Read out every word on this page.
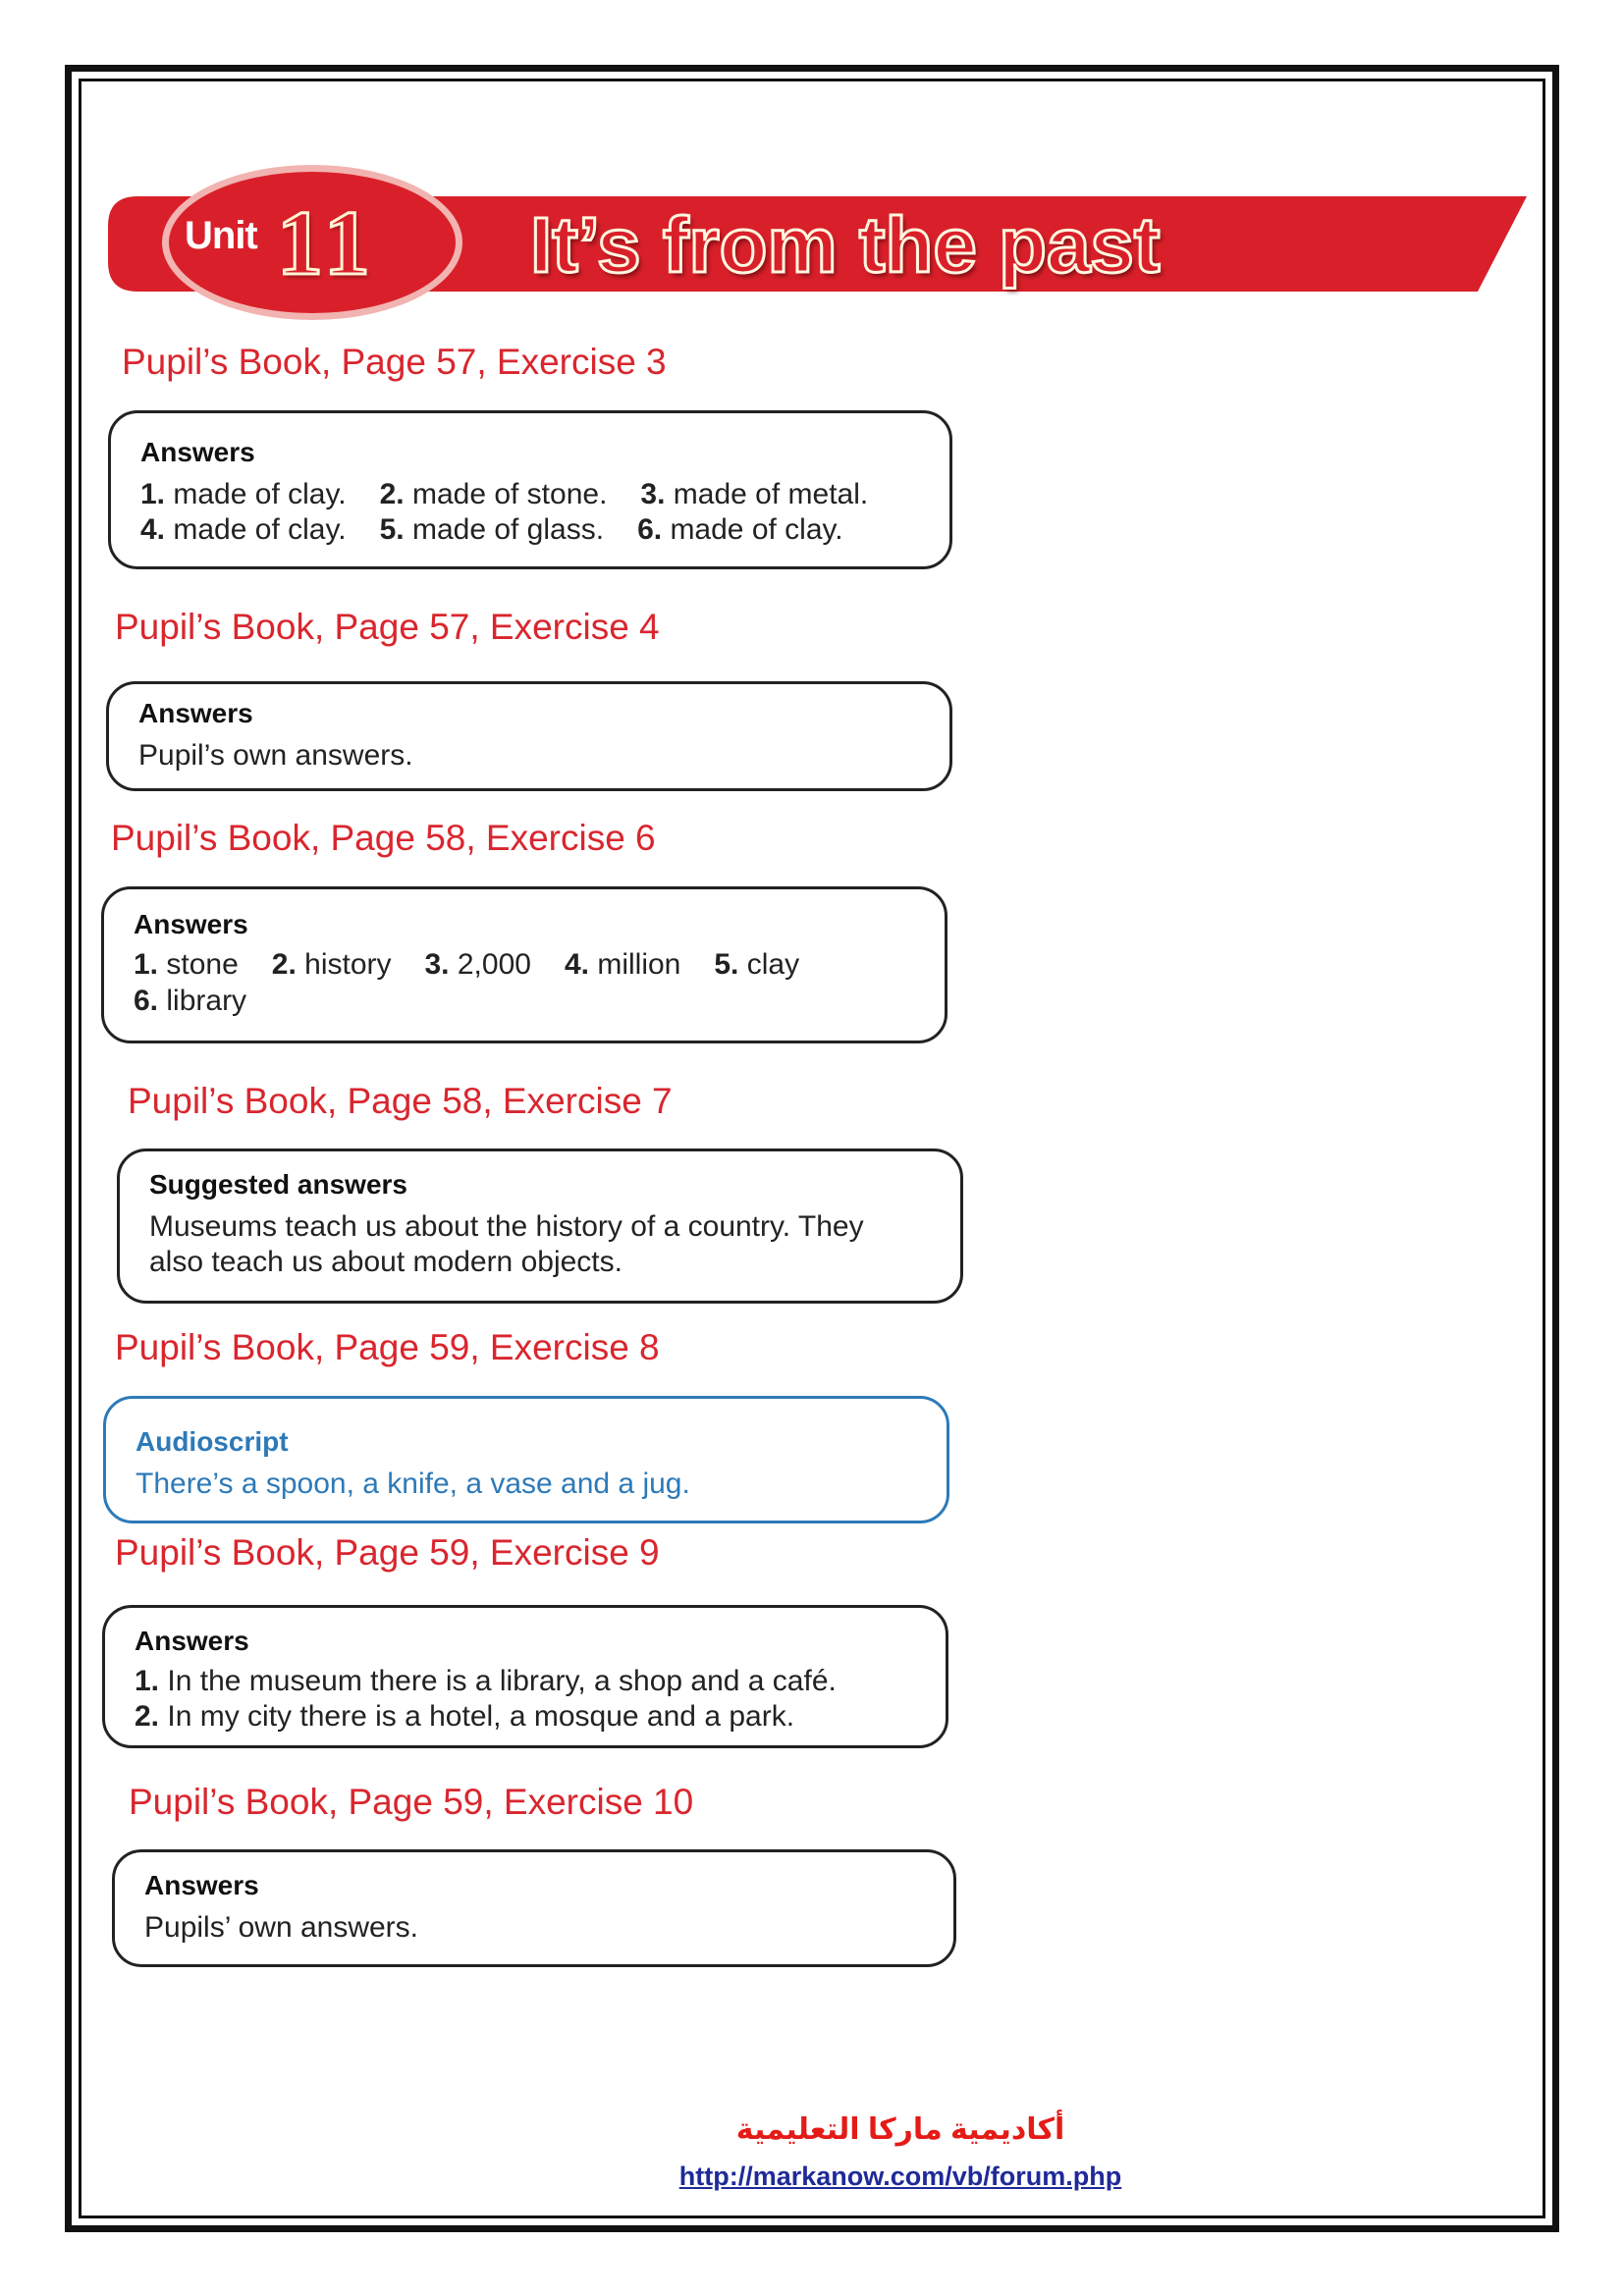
Unit 11 It’s from the past
Pupil’s Book, Page 57, Exercise 3
Answers
1. made of clay. 2. made of stone. 3. made of metal.
4. made of clay. 5. made of glass. 6. made of clay.
Pupil’s Book, Page 57, Exercise 4
Answers
Pupil’s own answers.
Pupil’s Book, Page 58, Exercise 6
Answers
1. stone 2. history 3. 2,000 4. million 5. clay
6. library
Pupil’s Book, Page 58, Exercise 7
Suggested answers
Museums teach us about the history of a country. They
also teach us about modern objects.
Pupil’s Book, Page 59, Exercise 8
Audioscript
There’s a spoon, a knife, a vase and a jug.
Pupil’s Book, Page 59, Exercise 9
Answers
1. In the museum there is a library, a shop and a café.
2. In my city there is a hotel, a mosque and a park.
Pupil’s Book, Page 59, Exercise 10
Answers
Pupils’ own answers.
أكاديمية ماركا التعليمية
http://markanow.com/vb/forum.php
